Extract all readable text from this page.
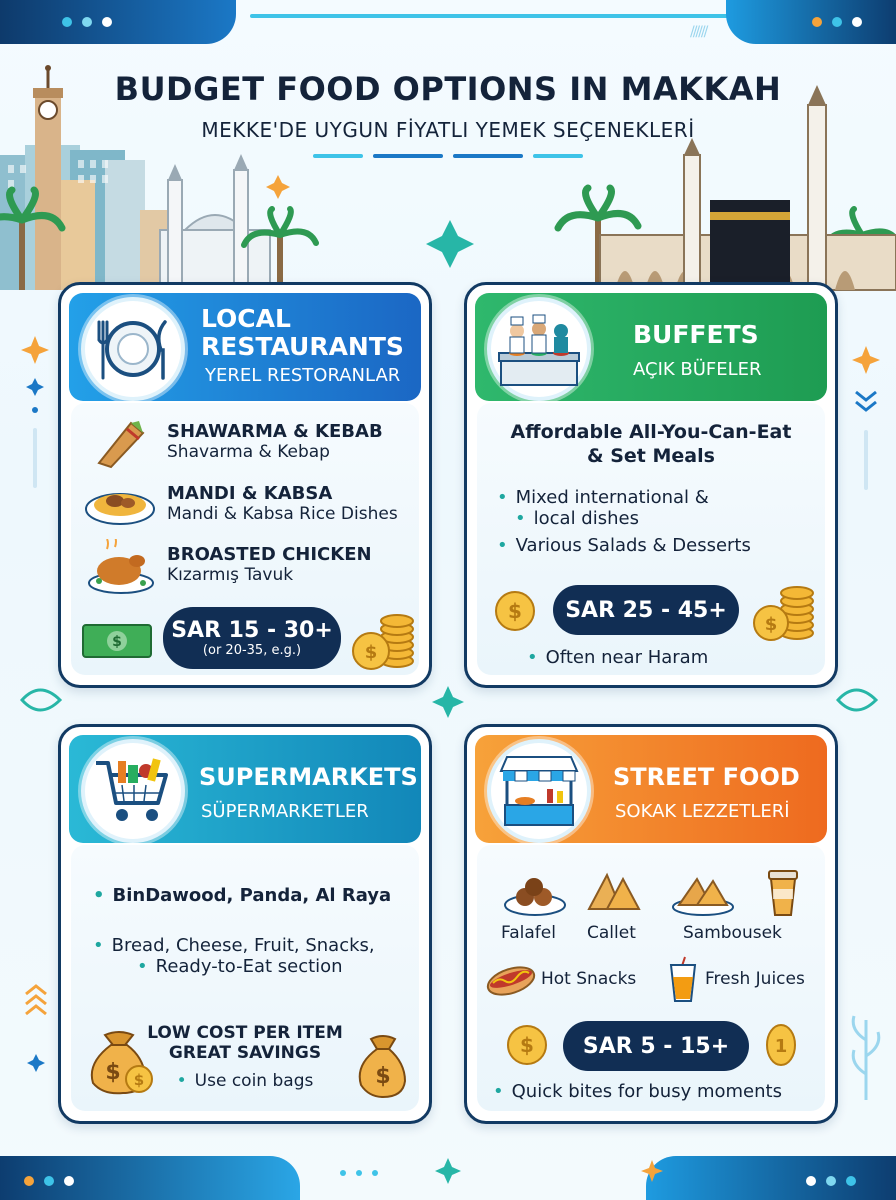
//////
BUDGET FOOD OPTIONS IN MAKKAH
MEKKE'DE UYGUN FİYATLI YEMEK SEÇENEKLERİ
LOCAL
RESTAURANTS
YEREL RESTORANLAR
SHAWARMA & KEBAB
Shavarma & Kebap
MANDI & KABSA
Mandi & Kabsa Rice Dishes
BROASTED CHICKEN
Kızarmış Tavuk
$ SAR 15 - 30+
(or 20-35, e.g.)	$
BUFFETS
AÇIK BÜFELER
Affordable All-You-Can-Eat
& Set Meals
• Mixed international &
• local dishes
• Various Salads & Desserts
$	SAR 25 - 45+
$
• Often near Haram
SUPERMARKETS
SÜPERMARKETLER
• BinDawood, Panda, Al Raya
• Bread, Cheese, Fruit, Snacks,
• Ready-to-Eat section
$ $
LOW COST PER ITEM
GREAT SAVINGS
• Use coin bags	$
STREET FOOD
SOKAK LEZZETLERİ
Falafel Callet	Sambousek
Hot Snacks	Fresh Juices
$	SAR 5 - 15+	1
• Quick bites for busy moments
